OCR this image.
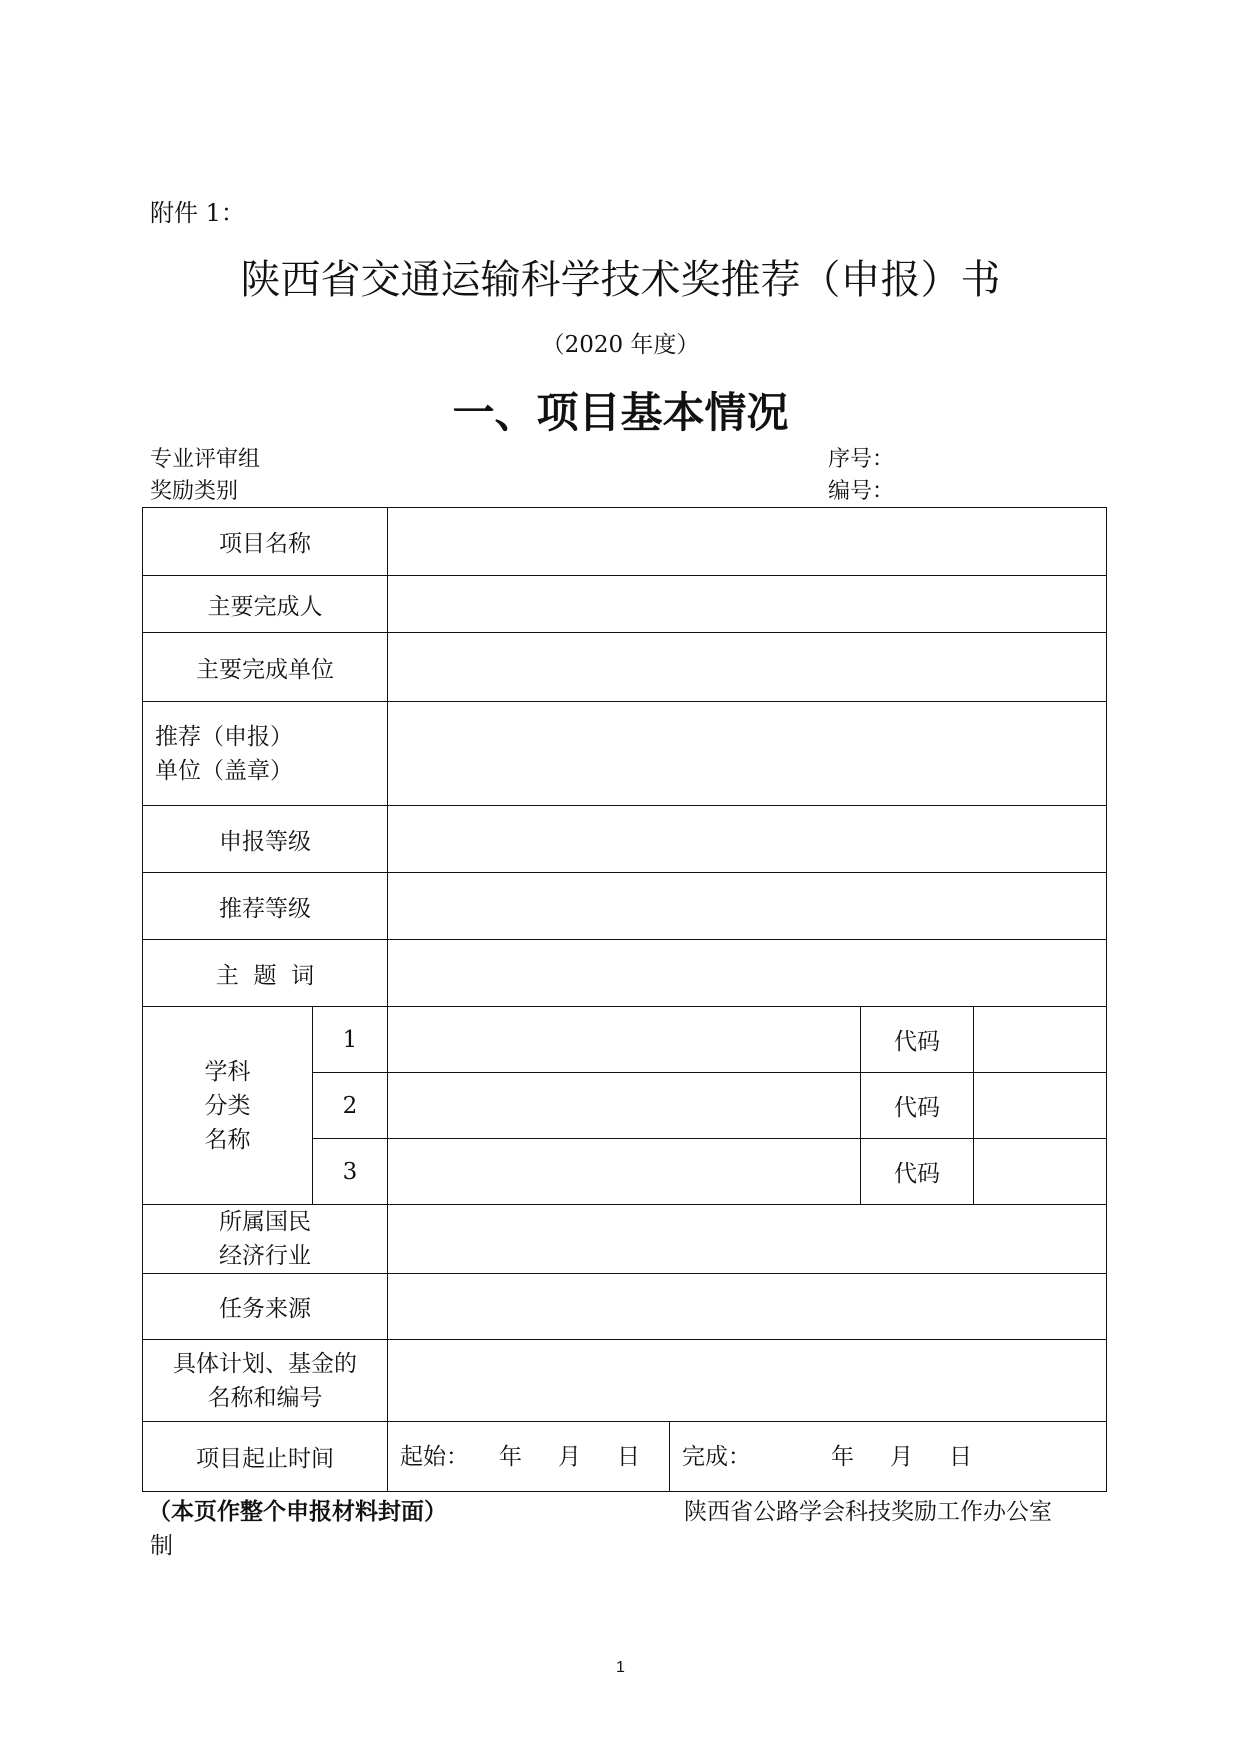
附件 1：
陕西省交通运输科学技术奖推荐（申报）书
（2020 年度）
一、项目基本情况
专业评审组
奖励类别
序号：
编号：
项目名称					
主要完成人					
主要完成单位					

推荐（申报）
单位（盖章）					

申报等级					
推荐等级					
主  题  词					

学科
分类
名称	1			代码	
	2			代码	
	3			代码	

所属国民
经济行业					

任务来源					

具体计划、基金的
名称和编号					

项目起止时间		起始： 年 月 日	完成： 年 月 日		
（本页作整个申报材料封面）	陕西省公路学会科技奖励工作办公室
制
1
